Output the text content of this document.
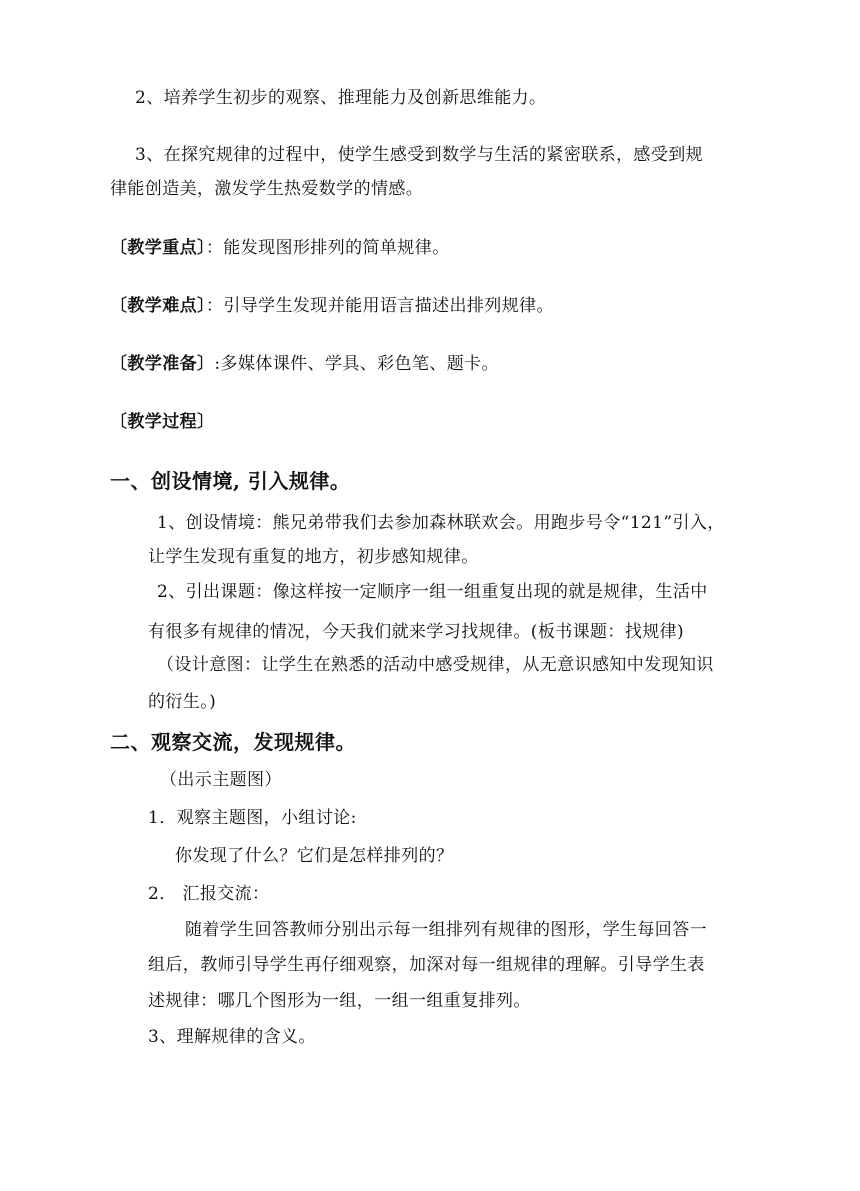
2、培养学生初步的观察、推理能力及创新思维能力。
3、在探究规律的过程中，使学生感受到数学与生活的紧密联系，感受到规
律能创造美，激发学生热爱数学的情感。
〔教学重点〕：能发现图形排列的简单规律。
〔教学难点〕：引导学生发现并能用语言描述出排列规律。
〔教学准备〕:多媒体课件、学具、彩色笔、题卡。
〔教学过程〕
一、创设情境, 引入规律。
1、创设情境：熊兄弟带我们去参加森林联欢会。用跑步号令“121”引入，
让学生发现有重复的地方，初步感知规律。
2、引出课题：像这样按一定顺序一组一组重复出现的就是规律，生活中
有很多有规律的情况，今天我们就来学习找规律。(板书课题：找规律)
（设计意图：让学生在熟悉的活动中感受规律，从无意识感知中发现知识
的衍生。)
二、观察交流，发现规律。
（出示主题图）
1．观察主题图，小组讨论:
你发现了什么？它们是怎样排列的？
2． 汇报交流：
随着学生回答教师分别出示每一组排列有规律的图形，学生每回答一
组后，教师引导学生再仔细观察，加深对每一组规律的理解。引导学生表
述规律：哪几个图形为一组，一组一组重复排列。
3、理解规律的含义。
